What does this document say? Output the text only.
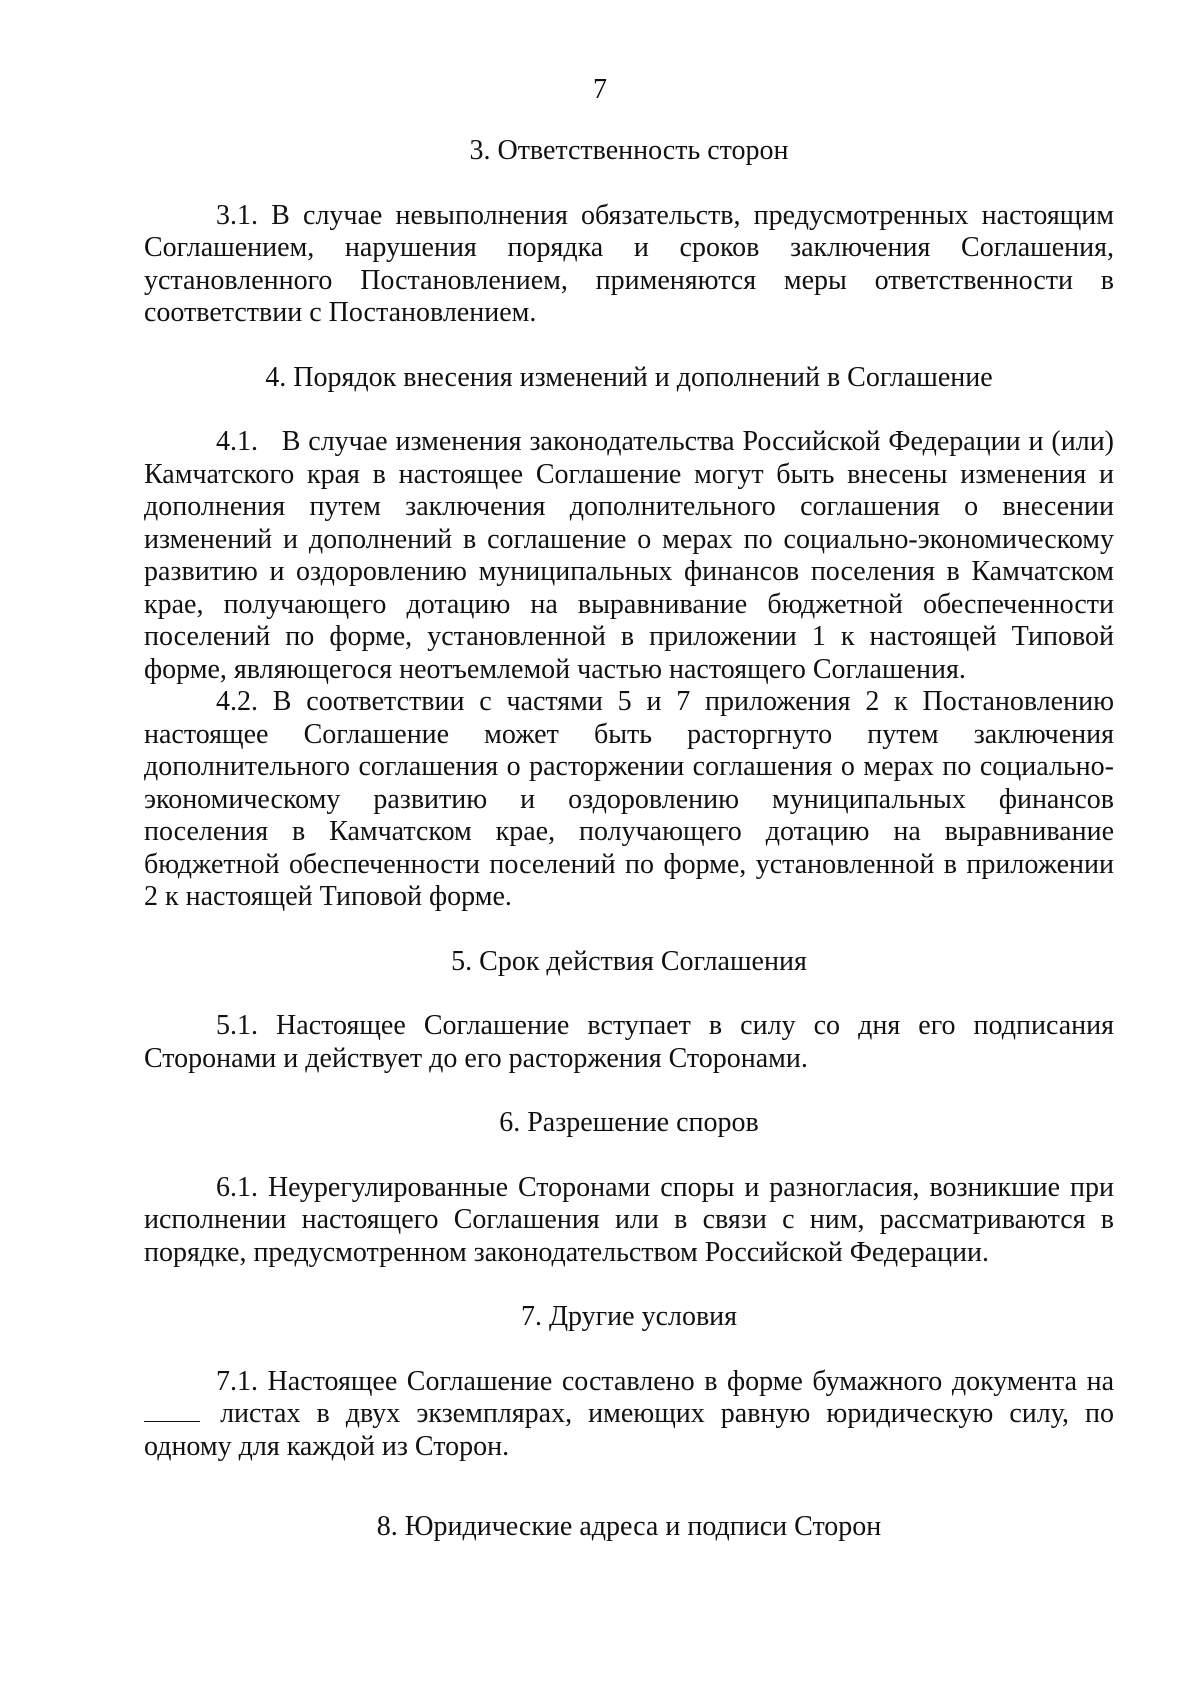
7
3. Ответственность сторон

3.1. В случае невыполнения обязательств, предусмотренных настоящим Соглашением, нарушения порядка и сроков заключения Соглашения, установленного Постановлением, применяются меры ответственности в соответствии с Постановлением.

4. Порядок внесения изменений и дополнений в Соглашение

4.1.   В случае изменения законодательства Российской Федерации и (или) Камчатского края в настоящее Соглашение могут быть внесены изменения и дополнения путем заключения дополнительного соглашения о внесении изменений и дополнений в соглашение о мерах по социально-экономическому развитию и оздоровлению муниципальных финансов поселения в Камчатском крае, получающего дотацию на выравнивание бюджетной обеспеченности поселений по форме, установленной в приложении 1 к настоящей Типовой форме, являющегося неотъемлемой частью настоящего Соглашения.

4.2. В соответствии с частями 5 и 7 приложения 2 к Постановлению настоящее Соглашение может быть расторгнуто путем заключения дополнительного соглашения о расторжении соглашения о мерах по социально-экономическому развитию и оздоровлению муниципальных финансов поселения в Камчатском крае, получающего дотацию на выравнивание бюджетной обеспеченности поселений по форме, установленной в приложении 2 к настоящей Типовой форме.

5. Срок действия Соглашения

5.1. Настоящее Соглашение вступает в силу со дня его подписания Сторонами и действует до его расторжения Сторонами.

6. Разрешение споров

6.1. Неурегулированные Сторонами споры и разногласия, возникшие при исполнении настоящего Соглашения или в связи с ним, рассматриваются в порядке, предусмотренном законодательством Российской Федерации.

7. Другие условия

7.1. Настоящее Соглашение составлено в форме бумажного документа на  листах в двух экземплярах, имеющих равную юридическую силу, по одному для каждой из Сторон.

8. Юридические адреса и подписи Сторон
